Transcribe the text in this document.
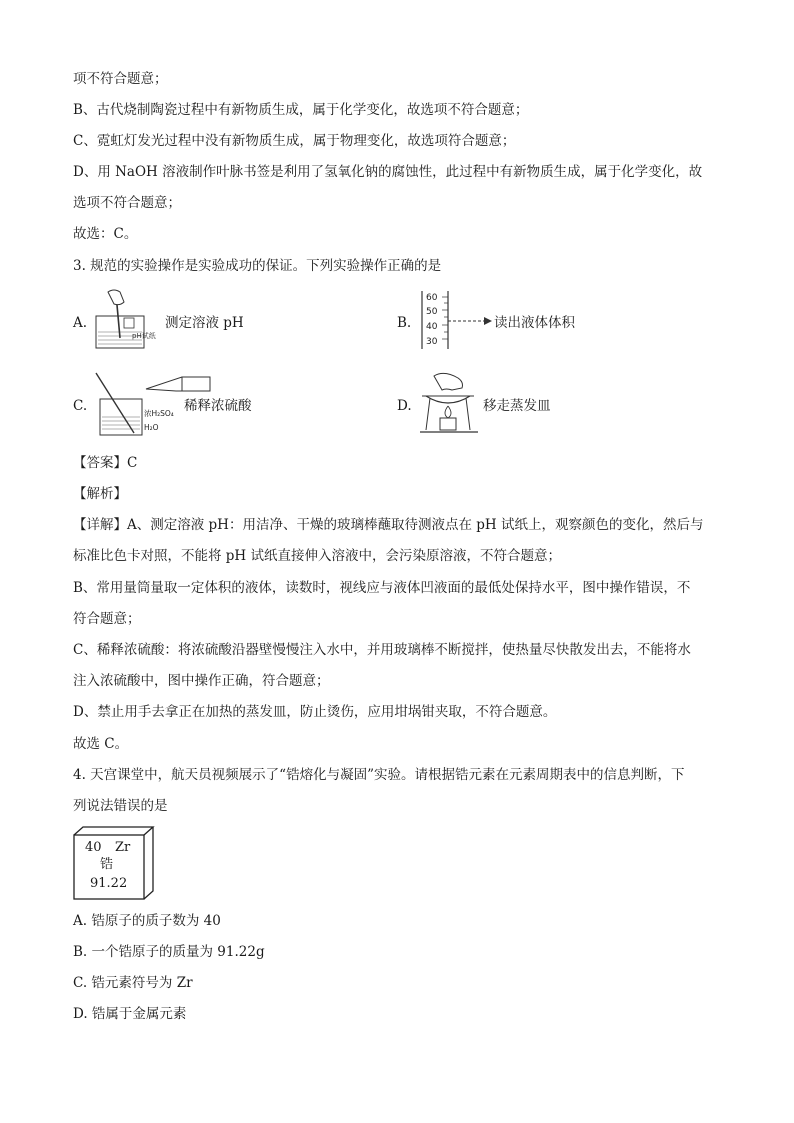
项不符合题意；
B、古代烧制陶瓷过程中有新物质生成，属于化学变化，故选项不符合题意；
C、霓虹灯发光过程中没有新物质生成，属于物理变化，故选项符合题意；
D、用 NaOH 溶液制作叶脉书签是利用了氢氧化钠的腐蚀性，此过程中有新物质生成，属于化学变化，故
选项不符合题意；
故选：C。
3. 规范的实验操作是实验成功的保证。下列实验操作正确的是
A.
pH试纸
测定溶液 pH	B.
60
50
40
30
读出液体体积
C.	浓H₂SO₄
H₂O
稀释浓硫酸	D.	移走蒸发皿
【答案】C
【解析】
【详解】A、测定溶液 pH：用洁净、干燥的玻璃棒蘸取待测液点在 pH 试纸上，观察颜色的变化，然后与
标准比色卡对照，不能将 pH 试纸直接伸入溶液中，会污染原溶液，不符合题意；
B、常用量筒量取一定体积的液体，读数时，视线应与液体凹液面的最低处保持水平，图中操作错误，不
符合题意；
C、稀释浓硫酸：将浓硫酸沿器壁慢慢注入水中，并用玻璃棒不断搅拌，使热量尽快散发出去，不能将水
注入浓硫酸中，图中操作正确，符合题意；
D、禁止用手去拿正在加热的蒸发皿，防止烫伤，应用坩埚钳夹取，不符合题意。
故选 C。
4. 天宫课堂中，航天员视频展示了“锆熔化与凝固”实验。请根据锆元素在元素周期表中的信息判断，下
列说法错误的是
40 Zr
锆
91.22
A. 锆原子的质子数为 40
B. 一个锆原子的质量为 91.22g
C. 锆元素符号为 Zr
D. 锆属于金属元素
